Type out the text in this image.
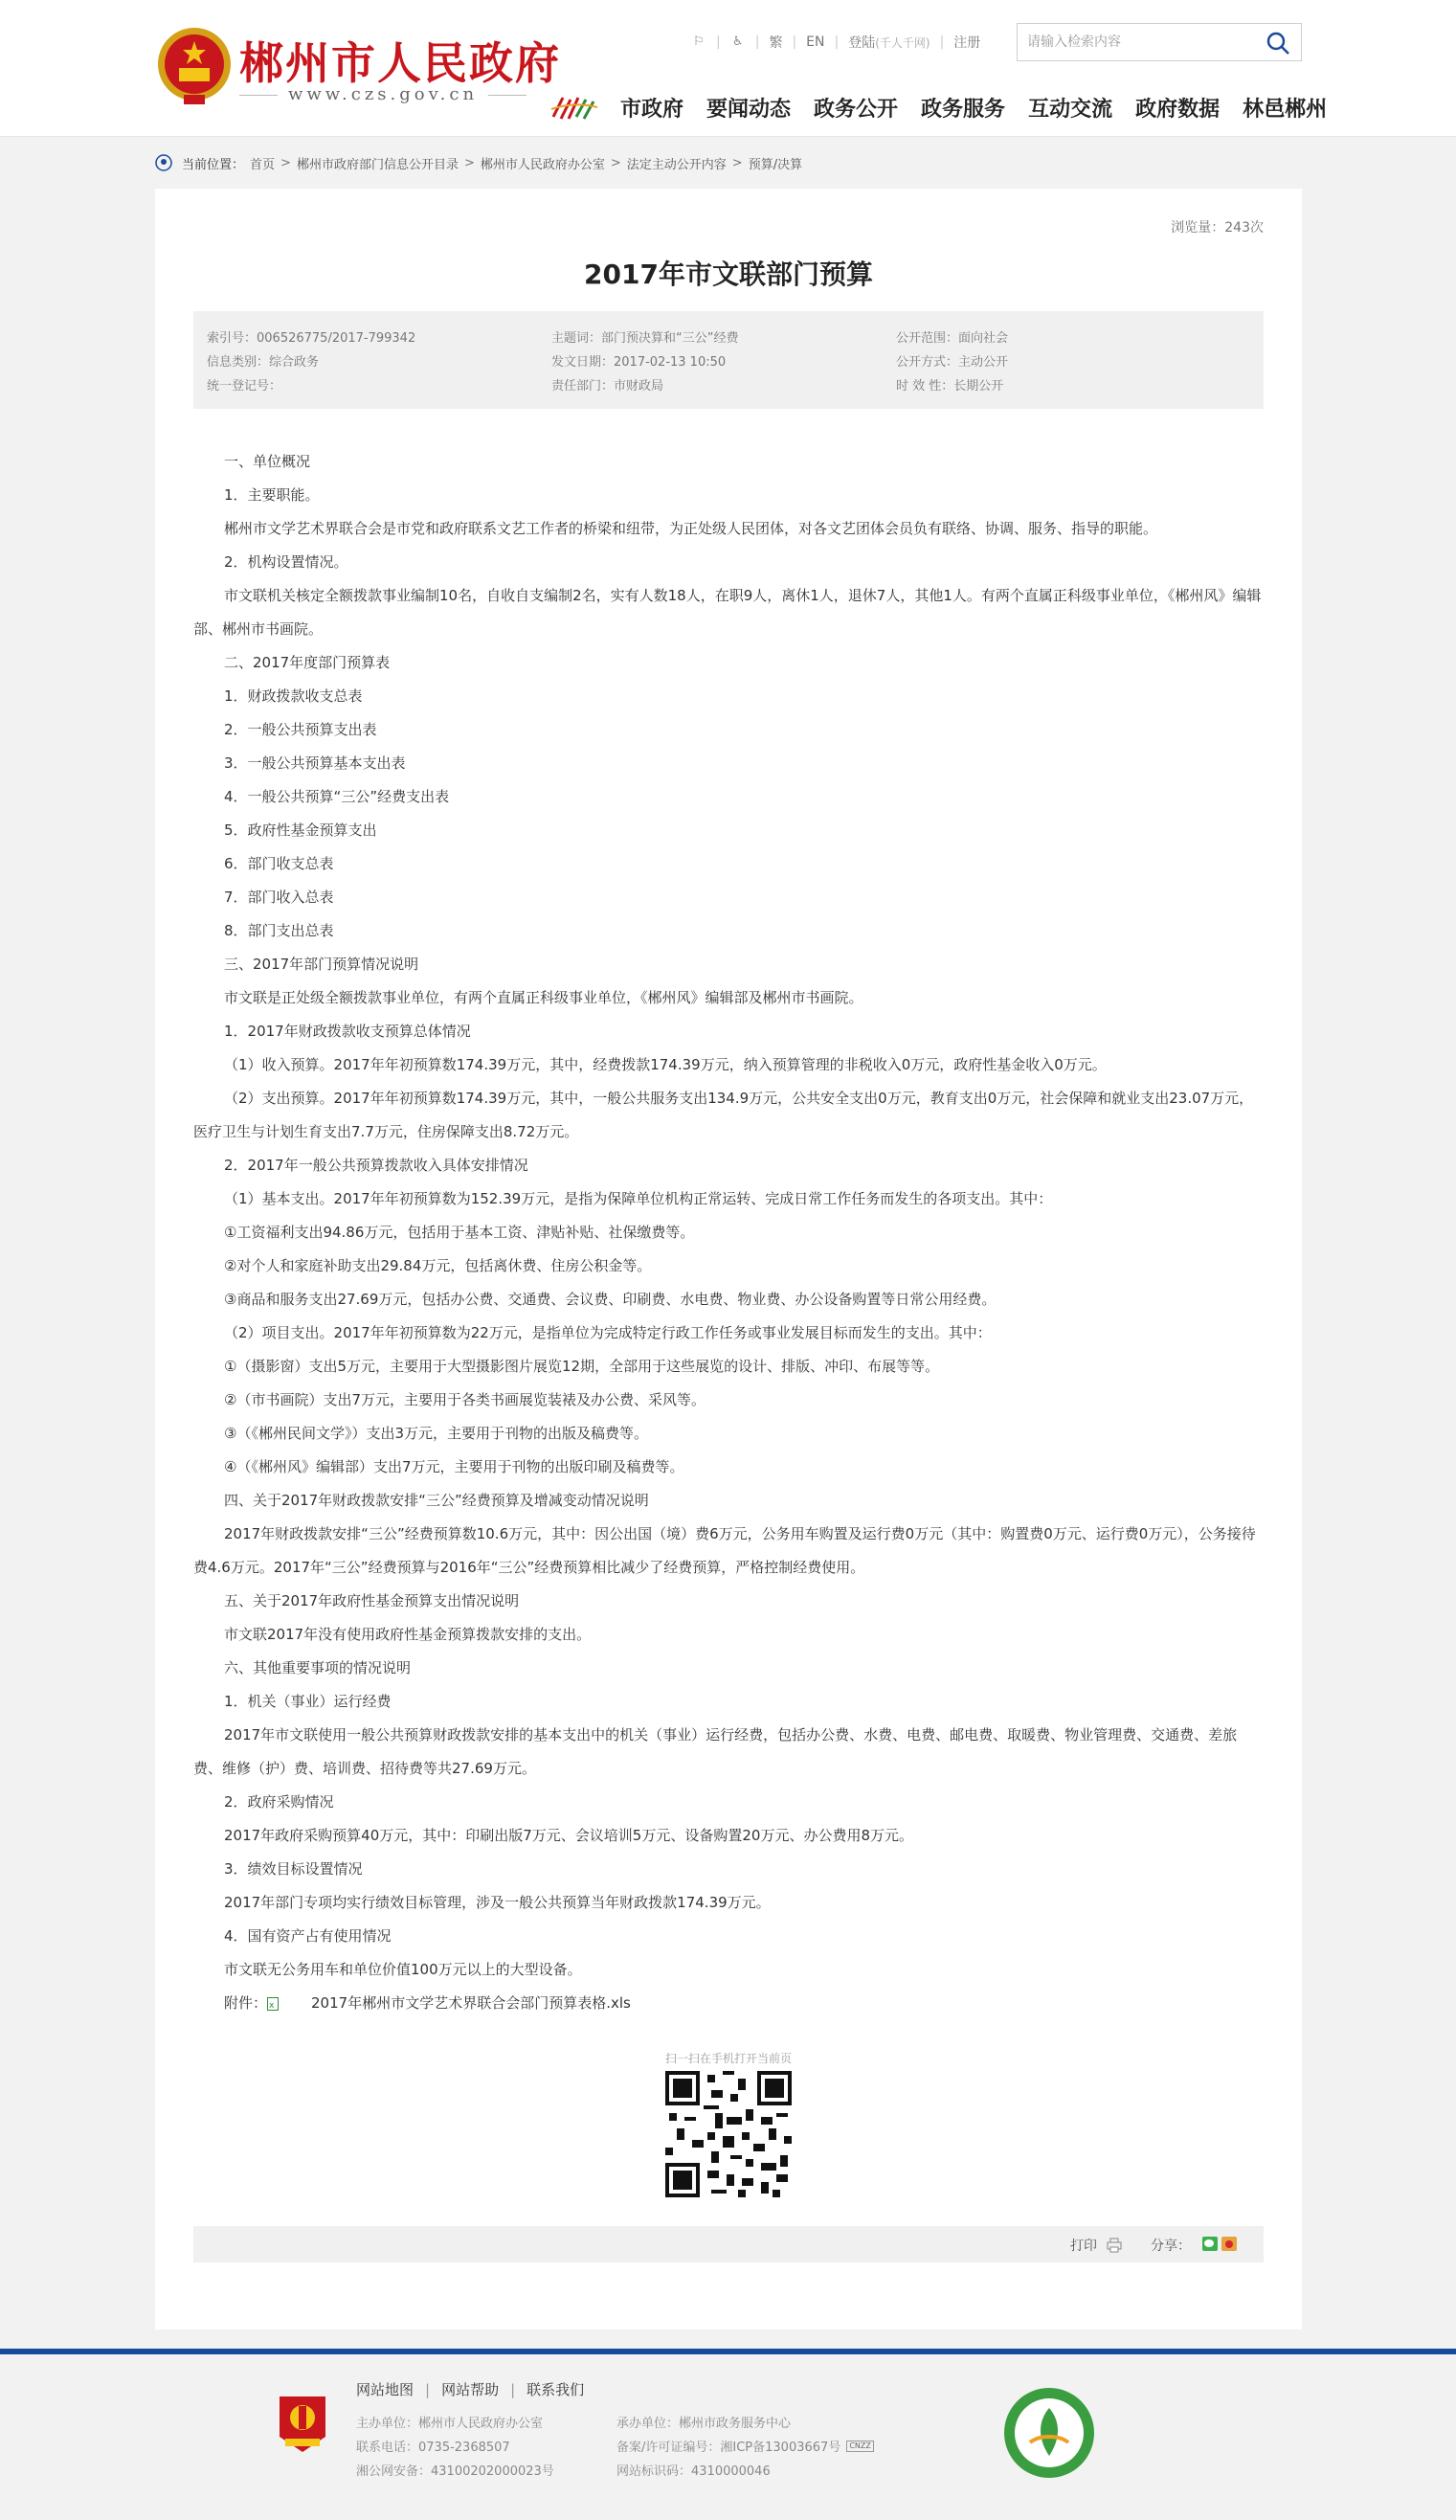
郴州市人民政府
www.czs.gov.cn
⚐ | ♿ | 繁 | EN | 登陆 (千人千网) | 注册
请输入检索内容
市政府 要闻动态 政务公开 政务服务 互动交流 政府数据 林邑郴州
当前位置： 首页 > 郴州市政府部门信息公开目录 > 郴州市人民政府办公室 > 法定主动公开内容 > 预算/决算
浏览量：243次
2017年市文联部门预算
索引号：006526775/2017-799342	主题词：部门预决算和“三公”经费	公开范围：面向社会
信息类别：综合政务	发文日期：2017-02-13 10:50	公开方式：主动公开
统一登记号：	责任部门：市财政局	时 效 性：长期公开

一、单位概况

1．主要职能。

郴州市文学艺术界联合会是市党和政府联系文艺工作者的桥梁和纽带，为正处级人民团体，对各文艺团体会员负有联络、协调、服务、指导的职能。

2．机构设置情况。

市文联机关核定全额拨款事业编制10名，自收自支编制2名，实有人数18人，在职9人，离休1人，退休7人，其他1人。有两个直属正科级事业单位，《郴州风》编辑部、郴州市书画院。

二、2017年度部门预算表

1．财政拨款收支总表

2．一般公共预算支出表

3．一般公共预算基本支出表

4．一般公共预算“三公”经费支出表

5．政府性基金预算支出

6．部门收支总表

7．部门收入总表

8．部门支出总表

三、2017年部门预算情况说明

市文联是正处级全额拨款事业单位，有两个直属正科级事业单位，《郴州风》编辑部及郴州市书画院。

1．2017年财政拨款收支预算总体情况

（1）收入预算。2017年年初预算数174.39万元，其中，经费拨款174.39万元，纳入预算管理的非税收入0万元，政府性基金收入0万元。

（2）支出预算。2017年年初预算数174.39万元，其中，一般公共服务支出134.9万元，公共安全支出0万元，教育支出0万元，社会保障和就业支出23.07万元，医疗卫生与计划生育支出7.7万元，住房保障支出8.72万元。

2．2017年一般公共预算拨款收入具体安排情况

（1）基本支出。2017年年初预算数为152.39万元，是指为保障单位机构正常运转、完成日常工作任务而发生的各项支出。其中：

①工资福利支出94.86万元，包括用于基本工资、津贴补贴、社保缴费等。

②对个人和家庭补助支出29.84万元，包括离休费、住房公积金等。

③商品和服务支出27.69万元，包括办公费、交通费、会议费、印刷费、水电费、物业费、办公设备购置等日常公用经费。

（2）项目支出。2017年年初预算数为22万元，是指单位为完成特定行政工作任务或事业发展目标而发生的支出。其中：

①（摄影窗）支出5万元，主要用于大型摄影图片展览12期，全部用于这些展览的设计、排版、冲印、布展等等。

②（市书画院）支出7万元，主要用于各类书画展览装裱及办公费、采风等。

③（《郴州民间文学》）支出3万元，主要用于刊物的出版及稿费等。

④（《郴州风》编辑部）支出7万元，主要用于刊物的出版印刷及稿费等。

四、关于2017年财政拨款安排“三公”经费预算及增减变动情况说明

2017年财政拨款安排“三公”经费预算数10.6万元，其中：因公出国（境）费6万元，公务用车购置及运行费0万元（其中：购置费0万元、运行费0万元），公务接待费4.6万元。2017年“三公”经费预算与2016年“三公”经费预算相比减少了经费预算，严格控制经费使用。

五、关于2017年政府性基金预算支出情况说明

市文联2017年没有使用政府性基金预算拨款安排的支出。

六、其他重要事项的情况说明

1．机关（事业）运行经费

2017年市文联使用一般公共预算财政拨款安排的基本支出中的机关（事业）运行经费，包括办公费、水费、电费、邮电费、取暖费、物业管理费、交通费、差旅费、维修（护）费、培训费、招待费等共27.69万元。

2．政府采购情况

2017年政府采购预算40万元，其中：印刷出版7万元、会议培训5万元、设备购置20万元、办公费用8万元。

3．绩效目标设置情况

2017年部门专项均实行绩效目标管理，涉及一般公共预算当年财政拨款174.39万元。

4．国有资产占有使用情况

市文联无公务用车和单位价值100万元以上的大型设备。

附件： x	2017年郴州市文学艺术界联合会部门预算表格.xls
扫一扫在手机打开当前页
打印	分享：
网站地图 | 网站帮助 | 联系我们
主办单位：郴州市人民政府办公室	承办单位：郴州市政务服务中心
联系电话：0735-2368507	备案/许可证编号：湘ICP备13003667号	CNZZ
湘公网安备：43100202000023号	网站标识码：4310000046
